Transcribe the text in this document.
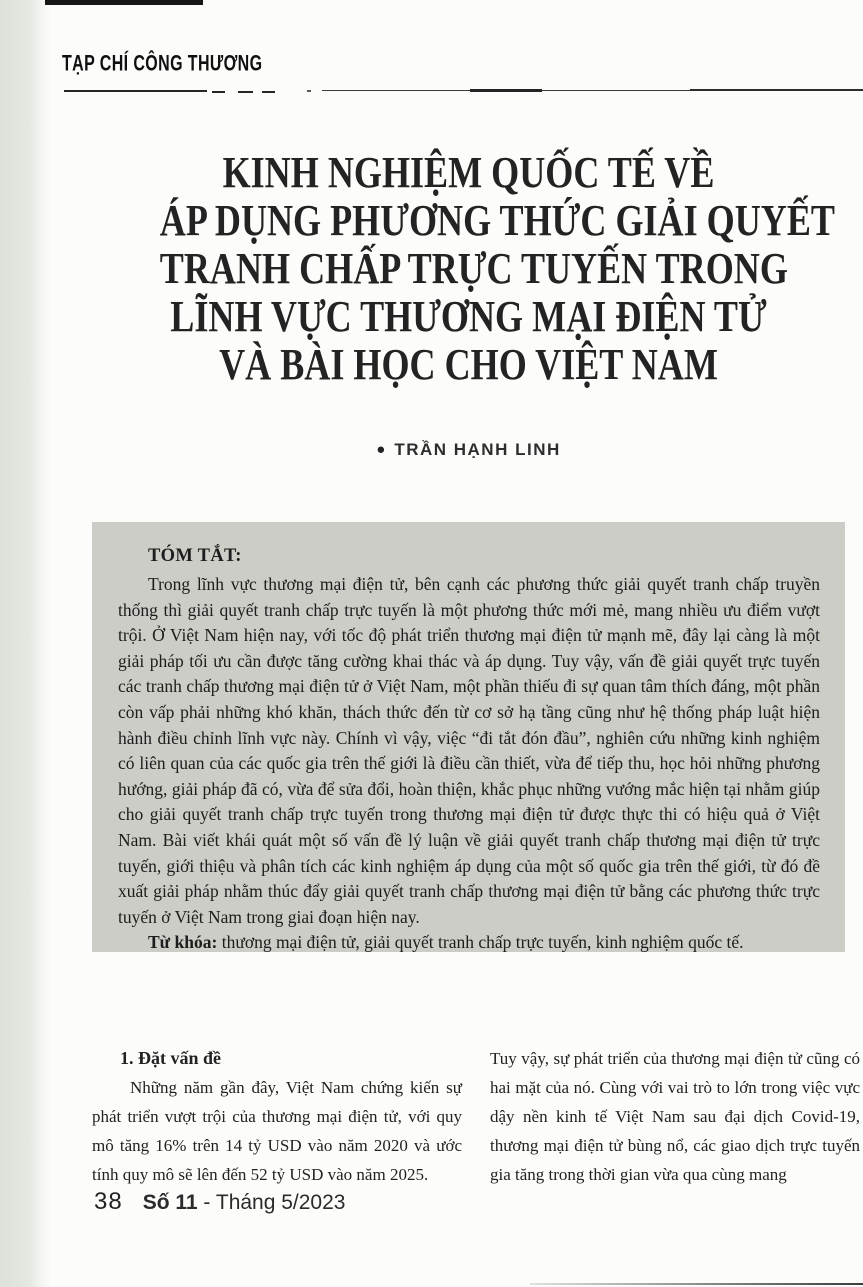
TẠP CHÍ CÔNG THƯƠNG
KINH NGHIỆM QUỐC TẾ VỀ
ÁP DỤNG PHƯƠNG THỨC GIẢI QUYẾT
TRANH CHẤP TRỰC TUYẾN TRONG
LĨNH VỰC THƯƠNG MẠI ĐIỆN TỬ
VÀ BÀI HỌC CHO VIỆT NAM
● TRẦN HẠNH LINH
TÓM TẮT:

Trong lĩnh vực thương mại điện tử, bên cạnh các phương thức giải quyết tranh chấp truyền thống thì giải quyết tranh chấp trực tuyến là một phương thức mới mẻ, mang nhiều ưu điểm vượt trội. Ở Việt Nam hiện nay, với tốc độ phát triển thương mại điện tử mạnh mẽ, đây lại càng là một giải pháp tối ưu cần được tăng cường khai thác và áp dụng. Tuy vậy, vấn đề giải quyết trực tuyến các tranh chấp thương mại điện tử ở Việt Nam, một phần thiếu đi sự quan tâm thích đáng, một phần còn vấp phải những khó khăn, thách thức đến từ cơ sở hạ tầng cũng như hệ thống pháp luật hiện hành điều chỉnh lĩnh vực này. Chính vì vậy, việc “đi tắt đón đầu”, nghiên cứu những kinh nghiệm có liên quan của các quốc gia trên thế giới là điều cần thiết, vừa để tiếp thu, học hỏi những phương hướng, giải pháp đã có, vừa để sửa đổi, hoàn thiện, khắc phục những vướng mắc hiện tại nhằm giúp cho giải quyết tranh chấp trực tuyến trong thương mại điện tử được thực thi có hiệu quả ở Việt Nam. Bài viết khái quát một số vấn đề lý luận về giải quyết tranh chấp thương mại điện tử trực tuyến, giới thiệu và phân tích các kinh nghiệm áp dụng của một số quốc gia trên thế giới, từ đó đề xuất giải pháp nhằm thúc đẩy giải quyết tranh chấp thương mại điện tử bằng các phương thức trực tuyến ở Việt Nam trong giai đoạn hiện nay.

Từ khóa: thương mại điện tử, giải quyết tranh chấp trực tuyến, kinh nghiệm quốc tế.

1. Đặt vấn đề

Những năm gần đây, Việt Nam chứng kiến sự phát triển vượt trội của thương mại điện tử, với quy mô tăng 16% trên 14 tỷ USD vào năm 2020 và ước tính quy mô sẽ lên đến 52 tỷ USD vào năm 2025.

Tuy vậy, sự phát triển của thương mại điện tử cũng có hai mặt của nó. Cùng với vai trò to lớn trong việc vực dậy nền kinh tế Việt Nam sau đại dịch Covid-19, thương mại điện tử bùng nổ, các giao dịch trực tuyến gia tăng trong thời gian vừa qua cùng mang

38 Số 11 - Tháng 5/2023
